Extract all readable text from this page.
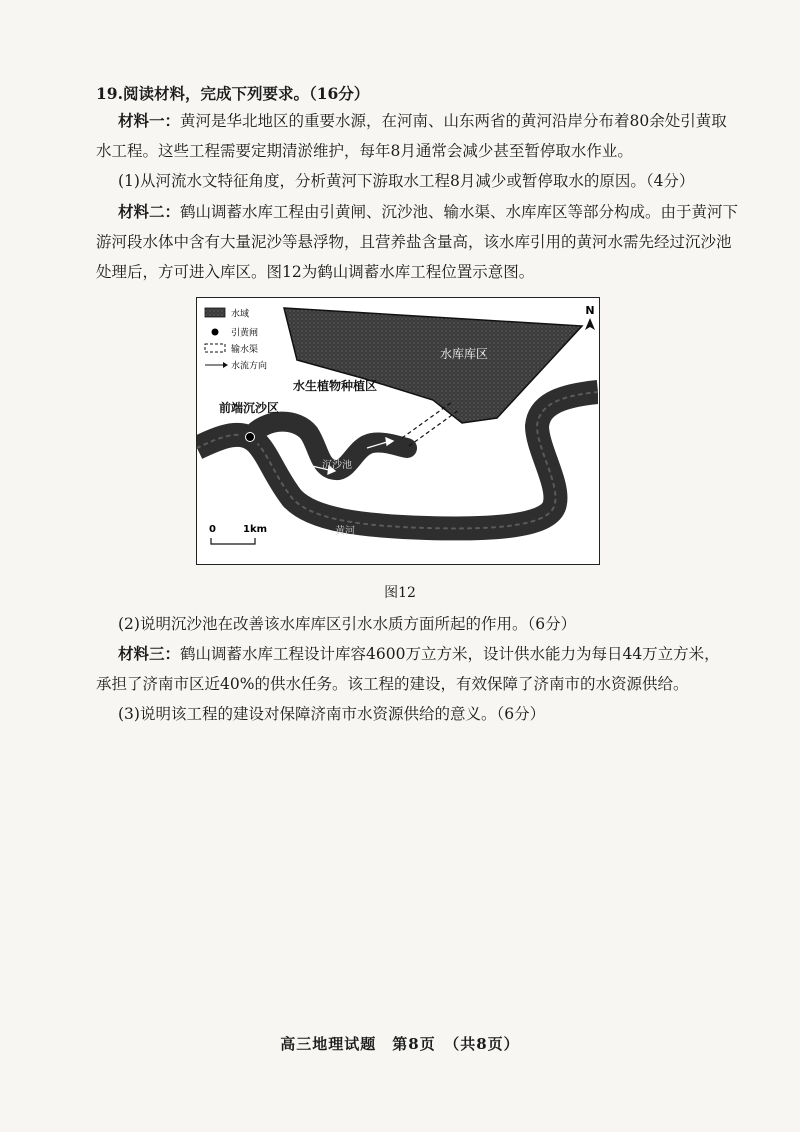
19.阅读材料，完成下列要求。（16分）
材料一：黄河是华北地区的重要水源，在河南、山东两省的黄河沿岸分布着80余处引黄取
水工程。这些工程需要定期清淤维护，每年8月通常会减少甚至暂停取水作业。
(1)从河流水文特征角度，分析黄河下游取水工程8月减少或暂停取水的原因。（4分）
材料二：鹤山调蓄水库工程由引黄闸、沉沙池、输水渠、水库库区等部分构成。由于黄河下
游河段水体中含有大量泥沙等悬浮物，且营养盐含量高，该水库引用的黄河水需先经过沉沙池
处理后，方可进入库区。图12为鹤山调蓄水库工程位置示意图。
水域
引黄闸
输水渠
水流方向
N
水库库区
水生植物种植区
前端沉沙区
沉沙池
黄河
0	1km
图12
(2)说明沉沙池在改善该水库库区引水水质方面所起的作用。（6分）
材料三：鹤山调蓄水库工程设计库容4600万立方米，设计供水能力为每日44万立方米，
承担了济南市区近40%的供水任务。该工程的建设，有效保障了济南市的水资源供给。
(3)说明该工程的建设对保障济南市水资源供给的意义。（6分）
高三地理试题　第8页　（共8页）
